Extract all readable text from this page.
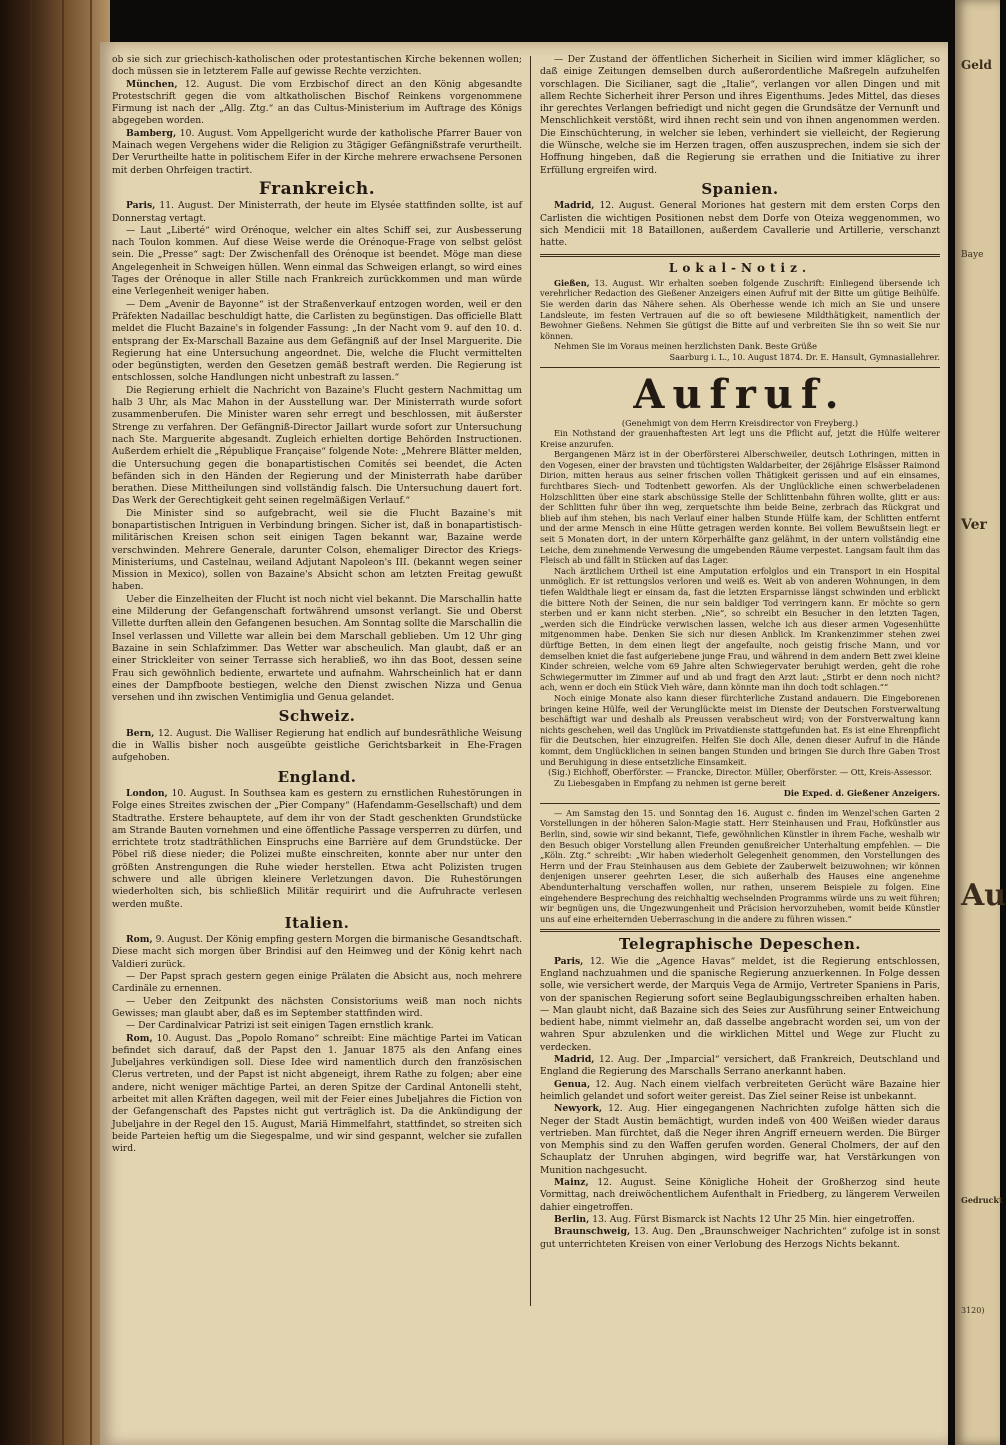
ob sie sich zur griechisch-katholischen oder protestantischen Kirche bekennen wollen; doch müssen sie in letzterem Falle auf gewisse Rechte verzichten.

München, 12. August. Die vom Erzbischof direct an den König abgesandte Protestschrift gegen die vom altkatholischen Bischof Reinkens vorgenommene Firmung ist nach der „Allg. Ztg.“ an das Cultus-Ministerium im Auftrage des Königs abgegeben worden.

Bamberg, 10. August. Vom Appellgericht wurde der katholische Pfarrer Bauer von Mainach wegen Vergehens wider die Religion zu 3tägiger Gefängnißstrafe verurtheilt. Der Verurtheilte hatte in politischem Eifer in der Kirche mehrere erwachsene Personen mit derben Ohrfeigen tractirt.

Frankreich.

Paris, 11. August. Der Ministerrath, der heute im Elysée stattfinden sollte, ist auf Donnerstag vertagt.

— Laut „Liberté“ wird Orénoque, welcher ein altes Schiff sei, zur Ausbesserung nach Toulon kommen. Auf diese Weise werde die Orénoque-Frage von selbst gelöst sein. Die „Presse“ sagt: Der Zwischenfall des Orénoque ist beendet. Möge man diese Angelegenheit in Schweigen hüllen. Wenn einmal das Schweigen erlangt, so wird eines Tages der Orénoque in aller Stille nach Frankreich zurückkommen und man würde eine Verlegenheit weniger haben.

— Dem „Avenir de Bayonne“ ist der Straßenverkauf entzogen worden, weil er den Präfekten Nadaillac beschuldigt hatte, die Carlisten zu begünstigen. Das officielle Blatt meldet die Flucht Bazaine's in folgender Fassung: „In der Nacht vom 9. auf den 10. d. entsprang der Ex-Marschall Bazaine aus dem Gefängniß auf der Insel Marguerite. Die Regierung hat eine Untersuchung angeordnet. Die, welche die Flucht vermittelten oder begünstigten, werden den Gesetzen gemäß bestraft werden. Die Regierung ist entschlossen, solche Handlungen nicht unbestraft zu lassen.“

Die Regierung erhielt die Nachricht von Bazaine's Flucht gestern Nachmittag um halb 3 Uhr, als Mac Mahon in der Ausstellung war. Der Ministerrath wurde sofort zusammenberufen. Die Minister waren sehr erregt und beschlossen, mit äußerster Strenge zu verfahren. Der Gefängniß-Director Jaillart wurde sofort zur Untersuchung nach Ste. Marguerite abgesandt. Zugleich erhielten dortige Behörden Instructionen. Außerdem erhielt die „République Française“ folgende Note: „Mehrere Blätter melden, die Untersuchung gegen die bonapartistischen Comités sei beendet, die Acten befänden sich in den Händen der Regierung und der Ministerrath habe darüber berathen. Diese Mittheilungen sind vollständig falsch. Die Untersuchung dauert fort. Das Werk der Gerechtigkeit geht seinen regelmäßigen Verlauf.“

Die Minister sind so aufgebracht, weil sie die Flucht Bazaine's mit bonapartistischen Intriguen in Verbindung bringen. Sicher ist, daß in bonapartistisch-militärischen Kreisen schon seit einigen Tagen bekannt war, Bazaine werde verschwinden. Mehrere Generale, darunter Colson, ehemaliger Director des Kriegs-Ministeriums, und Castelnau, weiland Adjutant Napoleon's III. (bekannt wegen seiner Mission in Mexico), sollen von Bazaine's Absicht schon am letzten Freitag gewußt haben.

Ueber die Einzelheiten der Flucht ist noch nicht viel bekannt. Die Marschallin hatte eine Milderung der Gefangenschaft fortwährend umsonst verlangt. Sie und Oberst Villette durften allein den Gefangenen besuchen. Am Sonntag sollte die Marschallin die Insel verlassen und Villette war allein bei dem Marschall geblieben. Um 12 Uhr ging Bazaine in sein Schlafzimmer. Das Wetter war abscheulich. Man glaubt, daß er an einer Strickleiter von seiner Terrasse sich herabließ, wo ihn das Boot, dessen seine Frau sich gewöhnlich bediente, erwartete und aufnahm. Wahrscheinlich hat er dann eines der Dampfboote bestiegen, welche den Dienst zwischen Nizza und Genua versehen und ihn zwischen Ventimiglia und Genua gelandet.

Schweiz.

Bern, 12. August. Die Walliser Regierung hat endlich auf bundesräthliche Weisung die in Wallis bisher noch ausgeübte geistliche Gerichtsbarkeit in Ehe-Fragen aufgehoben.

England.

London, 10. August. In Southsea kam es gestern zu ernstlichen Ruhestörungen in Folge eines Streites zwischen der „Pier Company“ (Hafendamm-Gesellschaft) und dem Stadtrathe. Erstere behauptete, auf dem ihr von der Stadt geschenkten Grundstücke am Strande Bauten vornehmen und eine öffentliche Passage versperren zu dürfen, und errichtete trotz stadträthlichen Einspruchs eine Barrière auf dem Grundstücke. Der Pöbel riß diese nieder; die Polizei mußte einschreiten, konnte aber nur unter den größten Anstrengungen die Ruhe wieder herstellen. Etwa acht Polizisten trugen schwere und alle übrigen kleinere Verletzungen davon. Die Ruhestörungen wiederholten sich, bis schließlich Militär requirirt und die Aufruhracte verlesen werden mußte.

Italien.

Rom, 9. August. Der König empfing gestern Morgen die birmanische Gesandtschaft. Diese macht sich morgen über Brindisi auf den Heimweg und der König kehrt nach Valdieri zurück.

— Der Papst sprach gestern gegen einige Prälaten die Absicht aus, noch mehrere Cardinäle zu ernennen.

— Ueber den Zeitpunkt des nächsten Consistoriums weiß man noch nichts Gewisses; man glaubt aber, daß es im September stattfinden wird.

— Der Cardinalvicar Patrizi ist seit einigen Tagen ernstlich krank.

Rom, 10. August. Das „Popolo Romano“ schreibt: Eine mächtige Partei im Vatican befindet sich darauf, daß der Papst den 1. Januar 1875 als den Anfang eines Jubeljahres verkündigen soll. Diese Idee wird namentlich durch den französischen Clerus vertreten, und der Papst ist nicht abgeneigt, ihrem Rathe zu folgen; aber eine andere, nicht weniger mächtige Partei, an deren Spitze der Cardinal Antonelli steht, arbeitet mit allen Kräften dagegen, weil mit der Feier eines Jubeljahres die Fiction von der Gefangenschaft des Papstes nicht gut verträglich ist. Da die Ankündigung der Jubeljahre in der Regel den 15. August, Mariä Himmelfahrt, stattfindet, so streiten sich beide Parteien heftig um die Siegespalme, und wir sind gespannt, welcher sie zufallen wird.

— Der Zustand der öffentlichen Sicherheit in Sicilien wird immer kläglicher, so daß einige Zeitungen demselben durch außerordentliche Maßregeln aufzuhelfen vorschlagen. Die Sicilianer, sagt die „Italie“, verlangen vor allen Dingen und mit allem Rechte Sicherheit ihrer Person und ihres Eigenthums. Jedes Mittel, das dieses ihr gerechtes Verlangen befriedigt und nicht gegen die Grundsätze der Vernunft und Menschlichkeit verstößt, wird ihnen recht sein und von ihnen angenommen werden. Die Einschüchterung, in welcher sie leben, verhindert sie vielleicht, der Regierung die Wünsche, welche sie im Herzen tragen, offen auszusprechen, indem sie sich der Hoffnung hingeben, daß die Regierung sie errathen und die Initiative zu ihrer Erfüllung ergreifen wird.

Spanien.

Madrid, 12. August. General Moriones hat gestern mit dem ersten Corps den Carlisten die wichtigen Positionen nebst dem Dorfe von Oteiza weggenommen, wo sich Mendicii mit 18 Bataillonen, außerdem Cavallerie und Artillerie, verschanzt hatte.

Lokal-Notiz.

Gießen, 13. August. Wir erhalten soeben folgende Zuschrift: Einliegend übersende ich verehrlicher Redaction des Gießener Anzeigers einen Aufruf mit der Bitte um gütige Beihülfe. Sie werden darin das Nähere sehen. Als Oberhessе wende ich mich an Sie und unsere Landsleute, im festen Vertrauen auf die so oft bewiesene Mildthätigkeit, namentlich der Bewohner Gießens. Nehmen Sie gütigst die Bitte auf und verbreiten Sie ihn so weit Sie nur können.

Nehmen Sie im Voraus meinen herzlichsten Dank. Beste Grüße

Saarburg i. L., 10. August 1874. Dr. E. Hansult, Gymnasiallehrer.

Aufruf.

(Genehmigt von dem Herrn Kreisdirector von Freyberg.)

Ein Nothstand der grauenhaftesten Art legt uns die Pflicht auf, jetzt die Hülfe weiterer Kreise anzurufen.

Bergangenen März ist in der Oberförsterei Alberschweiler, deutsch Lothringen, mitten in den Vogesen, einer der bravsten und tüchtigsten Waldarbeiter, der 26jährige Elsässer Raimond Dirion, mitten heraus aus seiner frischen vollen Thätigkeit gerissen und auf ein einsames, furchtbares Siech- und Todtenbett geworfen. Als der Unglückliche einen schwerbeladenen Holzschlitten über eine stark abschüssige Stelle der Schlittenbahn führen wollte, glitt er aus: der Schlitten fuhr über ihn weg, zerquetschte ihm beide Beine, zerbrach das Rückgrat und blieb auf ihm stehen, bis nach Verlauf einer halben Stunde Hülfe kam, der Schlitten entfernt und der arme Mensch in eine Hütte getragen werden konnte. Bei vollem Bewußtsein liegt er seit 5 Monaten dort, in der untern Körperhälfte ganz gelähmt, in der untern vollständig eine Leiche, dem zunehmende Verwesung die umgebenden Räume verpestet. Langsam fault ihm das Fleisch ab und fällt in Stücken auf das Lager.

Nach ärztlichem Urtheil ist eine Amputation erfolglos und ein Transport in ein Hospital unmöglich. Er ist rettungslos verloren und weiß es. Weit ab von anderen Wohnungen, in dem tiefen Waldthale liegt er einsam da, fast die letzten Ersparnisse längst schwinden und erblickt die bittere Noth der Seinen, die nur sein baldiger Tod verringern kann. Er möchte so gern sterben und er kann nicht sterben. „Nie“, so schreibt ein Besucher in den letzten Tagen, „werden sich die Eindrücke verwischen lassen, welche ich aus dieser armen Vogesenhütte mitgenommen habe. Denken Sie sich nur diesen Anblick. Im Krankenzimmer stehen zwei dürftige Betten, in dem einen liegt der angefaulte, noch geistig frische Mann, und vor demselben kniet die fast aufgeriebene junge Frau, und während in dem andern Bett zwei kleine Kinder schreien, welche vom 69 Jahre alten Schwiegervater beruhigt werden, geht die rohe Schwiegermutter im Zimmer auf und ab und fragt den Arzt laut: „Stirbt er denn noch nicht? ach, wenn er doch ein Stück Vieh wäre, dann könnte man ihn doch todt schlagen.““

Noch einige Monate also kann dieser fürchterliche Zustand andauern. Die Eingeborenen bringen keine Hülfe, weil der Verunglückte meist im Dienste der Deutschen Forstverwaltung beschäftigt war und deshalb als Preussen verabscheut wird; von der Forstverwaltung kann nichts geschehen, weil das Unglück im Privatdienste stattgefunden hat. Es ist eine Ehrenpflicht für die Deutschen, hier einzugreifen. Helfen Sie doch Alle, denen dieser Aufruf in die Hände kommt, dem Unglücklichen in seinen bangen Stunden und bringen Sie durch Ihre Gaben Trost und Beruhigung in diese entsetzliche Einsamkeit.

(Sig.) Eichhoff, Oberförster. — Francke, Director. Müller, Oberförster. — Ott, Kreis-Assessor.

Zu Liebesgaben in Empfang zu nehmen ist gerne bereit

Die Exped. d. Gießener Anzeigers.

— Am Samstag den 15. und Sonntag den 16. August c. finden im Wenzel'schen Garten 2 Vorstellungen in der höheren Salon-Magie statt. Herr Steinhausen und Frau, Hofkünstler aus Berlin, sind, sowie wir sind bekannt, Tiefe, gewöhnlichen Künstler in ihrem Fache, weshalb wir den Besuch obiger Vorstellung allen Freunden genußreicher Unterhaltung empfehlen. — Die „Köln. Ztg.“ schreibt: „Wir haben wiederholt Gelegenheit genommen, den Vorstellungen des Herrn und der Frau Steinhausen aus dem Gebiete der Zauberwelt beizuwohnen; wir können denjenigen unserer geehrten Leser, die sich außerhalb des Hauses eine angenehme Abendunterhaltung verschaffen wollen, nur rathen, unserem Beispiele zu folgen. Eine eingehendere Besprechung des reichhaltig wechselnden Programms würde uns zu weit führen; wir begnügen uns, die Ungezwungenheit und Präcision hervorzuheben, womit beide Künstler uns auf eine erheiternden Ueberraschung in die andere zu führen wissen.“

Telegraphische Depeschen.

Paris, 12. Wie die „Agence Havas“ meldet, ist die Regierung entschlossen, England nachzuahmen und die spanische Regierung anzuerkennen. In Folge dessen solle, wie versichert werde, der Marquis Vega de Armijo, Vertreter Spaniens in Paris, von der spanischen Regierung sofort seine Beglaubigungsschreiben erhalten haben. — Man glaubt nicht, daß Bazaine sich des Seies zur Ausführung seiner Entweichung bedient habe, nimmt vielmehr an, daß dasselbe angebracht worden sei, um von der wahren Spur abzulenken und die wirklichen Mittel und Wege zur Flucht zu verdecken.

Madrid, 12. Aug. Der „Imparcial“ versichert, daß Frankreich, Deutschland und England die Regierung des Marschalls Serrano anerkannt haben.

Genua, 12. Aug. Nach einem vielfach verbreiteten Gerücht wäre Bazaine hier heimlich gelandet und sofort weiter gereist. Das Ziel seiner Reise ist unbekannt.

Newyork, 12. Aug. Hier eingegangenen Nachrichten zufolge hätten sich die Neger der Stadt Austin bemächtigt, wurden indeß von 400 Weißen wieder daraus vertrieben. Man fürchtet, daß die Neger ihren Angriff erneuern werden. Die Bürger von Memphis sind zu den Waffen gerufen worden. General Cholmers, der auf den Schauplatz der Unruhen abgingen, wird begriffe war, hat Verstärkungen von Munition nachgesucht.

Mainz, 12. August. Seine Königliche Hoheit der Großherzog sind heute Vormittag, nach dreiwöchentlichem Aufenthalt in Friedberg, zu längerem Verweilen dahier eingetroffen.

Berlin, 13. Aug. Fürst Bismarck ist Nachts 12 Uhr 25 Min. hier eingetroffen.

Braunschweig, 13. Aug. Den „Braunschweiger Nachrichten“ zufolge ist in sonst gut unterrichteten Kreisen von einer Verlobung des Herzogs Nichts bekannt.

Geld
Baye
Ver
Au
Gedruckt
3120)
